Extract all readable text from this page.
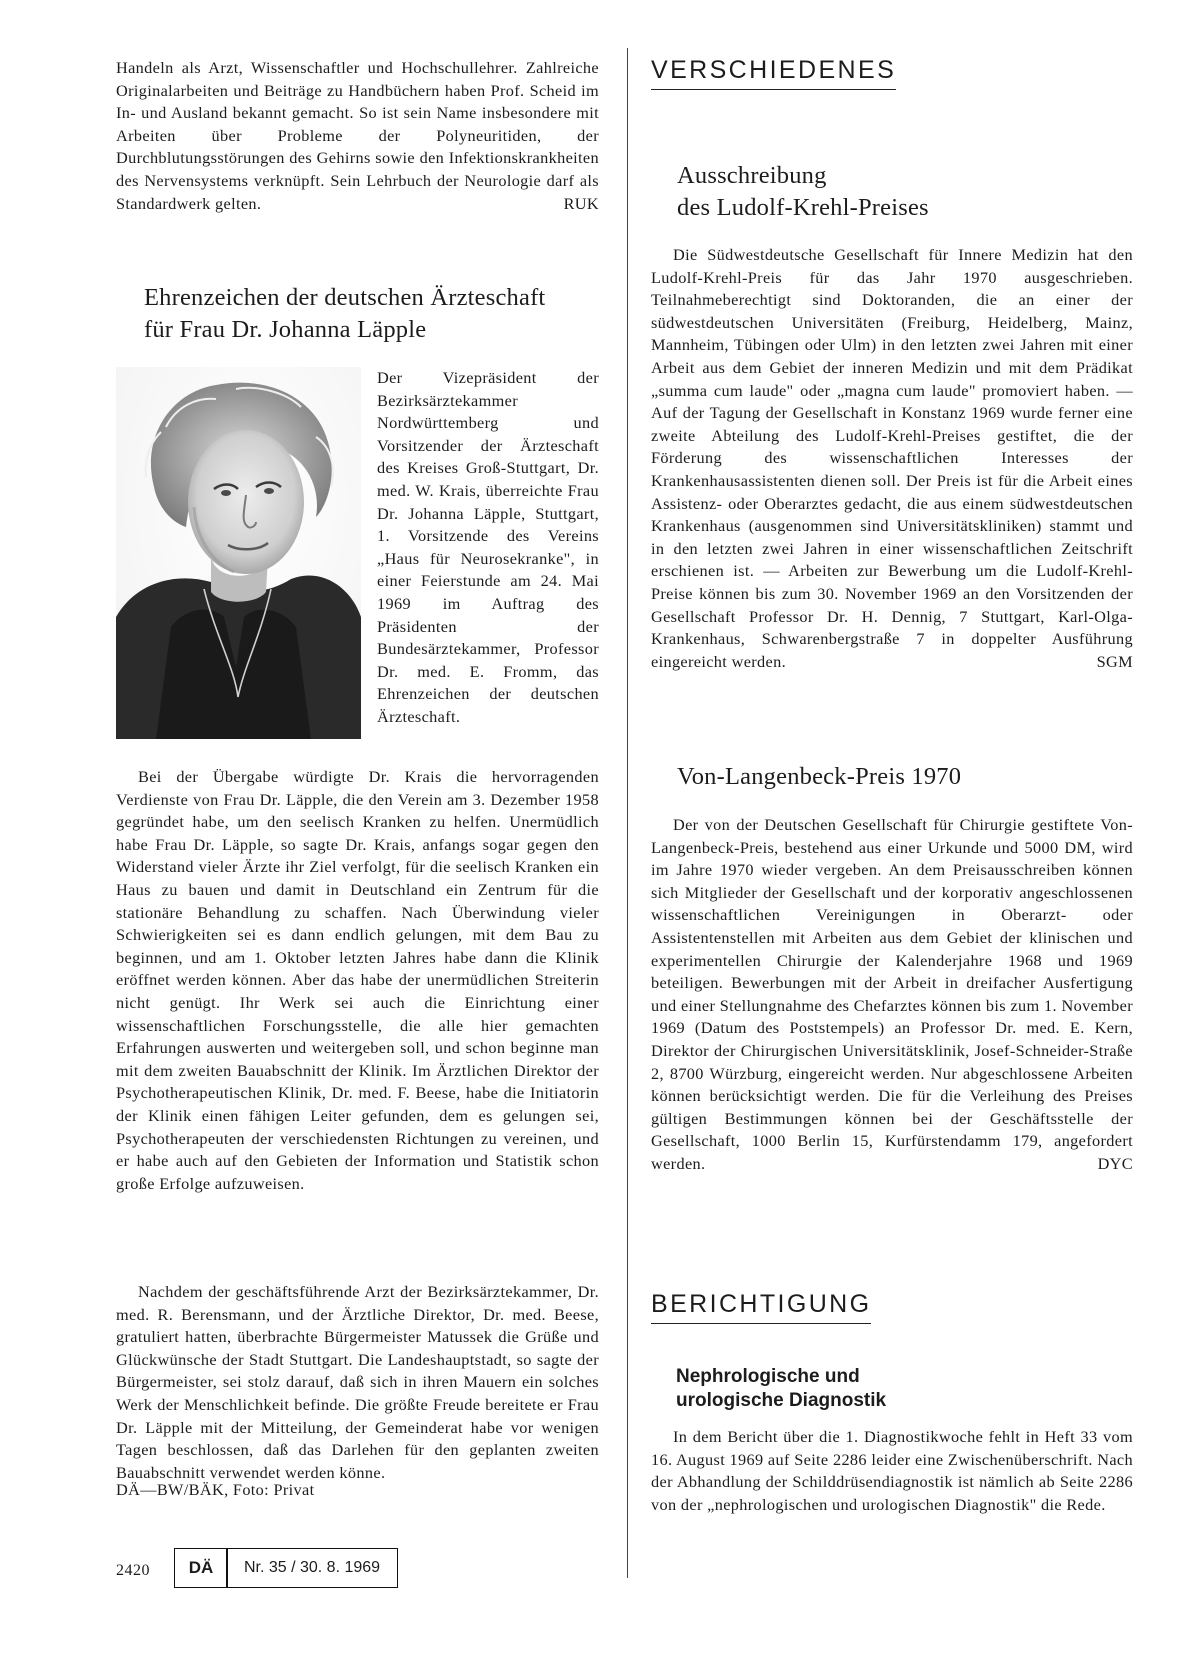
Handeln als Arzt, Wissenschaftler und Hochschullehrer. Zahlreiche Originalarbeiten und Beiträge zu Handbüchern haben Prof. Scheid im In- und Ausland bekannt gemacht. So ist sein Name insbesondere mit Arbeiten über Probleme der Polyneuritiden, der Durchblutungsstörungen des Gehirns sowie den Infektionskrankheiten des Nervensystems verknüpft. Sein Lehrbuch der Neurologie darf als Standardwerk gelten.	RUK

Ehrenzeichen der deutschen Ärzteschaft
für Frau Dr. Johanna Läpple

Der Vizepräsident der Bezirksärztekammer Nordwürttemberg und Vorsitzender der Ärzteschaft des Kreises Groß-Stuttgart, Dr. med. W. Krais, überreichte Frau Dr. Johanna Läpple, Stuttgart, 1. Vorsitzende des Vereins „Haus für Neurosekranke", in einer Feierstunde am 24. Mai 1969 im Auftrag des Präsidenten der Bundesärztekammer, Professor Dr. med. E. Fromm, das Ehrenzeichen der deutschen Ärzteschaft.

Bei der Übergabe würdigte Dr. Krais die hervorragenden Verdienste von Frau Dr. Läpple, die den Verein am 3. Dezember 1958 gegründet habe, um den seelisch Kranken zu helfen. Unermüdlich habe Frau Dr. Läpple, so sagte Dr. Krais, anfangs sogar gegen den Widerstand vieler Ärzte ihr Ziel verfolgt, für die seelisch Kranken ein Haus zu bauen und damit in Deutschland ein Zentrum für die stationäre Behandlung zu schaffen. Nach Überwindung vieler Schwierigkeiten sei es dann endlich gelungen, mit dem Bau zu beginnen, und am 1. Oktober letzten Jahres habe dann die Klinik eröffnet werden können. Aber das habe der unermüdlichen Streiterin nicht genügt. Ihr Werk sei auch die Einrichtung einer wissenschaftlichen Forschungsstelle, die alle hier gemachten Erfahrungen auswerten und weitergeben soll, und schon beginne man mit dem zweiten Bauabschnitt der Klinik. Im Ärztlichen Direktor der Psychotherapeutischen Klinik, Dr. med. F. Beese, habe die Initiatorin der Klinik einen fähigen Leiter gefunden, dem es gelungen sei, Psychotherapeuten der verschiedensten Richtungen zu vereinen, und er habe auch auf den Gebieten der Information und Statistik schon große Erfolge aufzuweisen.

Nachdem der geschäftsführende Arzt der Bezirksärztekammer, Dr. med. R. Berensmann, und der Ärztliche Direktor, Dr. med. Beese, gratuliert hatten, überbrachte Bürgermeister Matussek die Grüße und Glückwünsche der Stadt Stuttgart. Die Landeshauptstadt, so sagte der Bürgermeister, sei stolz darauf, daß sich in ihren Mauern ein solches Werk der Menschlichkeit befinde. Die größte Freude bereitete er Frau Dr. Läpple mit der Mitteilung, der Gemeinderat habe vor wenigen Tagen beschlossen, daß das Darlehen für den geplanten zweiten Bauabschnitt verwendet werden könne.

DÄ—BW/BÄK, Foto: Privat

VERSCHIEDENES
Ausschreibung
des Ludolf-Krehl-Preises

Die Südwestdeutsche Gesellschaft für Innere Medizin hat den Ludolf-Krehl-Preis für das Jahr 1970 ausgeschrieben. Teilnahmeberechtigt sind Doktoranden, die an einer der südwestdeutschen Universitäten (Freiburg, Heidelberg, Mainz, Mannheim, Tübingen oder Ulm) in den letzten zwei Jahren mit einer Arbeit aus dem Gebiet der inneren Medizin und mit dem Prädikat „summa cum laude" oder „magna cum laude" promoviert haben. — Auf der Tagung der Gesellschaft in Konstanz 1969 wurde ferner eine zweite Abteilung des Ludolf-Krehl-Preises gestiftet, die der Förderung des wissenschaftlichen Interesses der Krankenhausassistenten dienen soll. Der Preis ist für die Arbeit eines Assistenz- oder Oberarztes gedacht, die aus einem südwestdeutschen Krankenhaus (ausgenommen sind Universitätskliniken) stammt und in den letzten zwei Jahren in einer wissenschaftlichen Zeitschrift erschienen ist. — Arbeiten zur Bewerbung um die Ludolf-Krehl-Preise können bis zum 30. November 1969 an den Vorsitzenden der Gesellschaft Professor Dr. H. Dennig, 7 Stuttgart, Karl-Olga-Krankenhaus, Schwarenbergstraße 7 in doppelter Ausführung eingereicht werden.	SGM

Von-Langenbeck-Preis 1970

Der von der Deutschen Gesellschaft für Chirurgie gestiftete Von-Langenbeck-Preis, bestehend aus einer Urkunde und 5000 DM, wird im Jahre 1970 wieder vergeben. An dem Preisausschreiben können sich Mitglieder der Gesellschaft und der korporativ angeschlossenen wissenschaftlichen Vereinigungen in Oberarzt- oder Assistentenstellen mit Arbeiten aus dem Gebiet der klinischen und experimentellen Chirurgie der Kalenderjahre 1968 und 1969 beteiligen. Bewerbungen mit der Arbeit in dreifacher Ausfertigung und einer Stellungnahme des Chefarztes können bis zum 1. November 1969 (Datum des Poststempels) an Professor Dr. med. E. Kern, Direktor der Chirurgischen Universitätsklinik, Josef-Schneider-Straße 2, 8700 Würzburg, eingereicht werden. Nur abgeschlossene Arbeiten können berücksichtigt werden. Die für die Verleihung des Preises gültigen Bestimmungen können bei der Geschäftsstelle der Gesellschaft, 1000 Berlin 15, Kurfürstendamm 179, angefordert werden.	DYC

BERICHTIGUNG
Nephrologische und
urologische Diagnostik

In dem Bericht über die 1. Diagnostikwoche fehlt in Heft 33 vom 16. August 1969 auf Seite 2286 leider eine Zwischenüberschrift. Nach der Abhandlung der Schilddrüsendiagnostik ist nämlich ab Seite 2286 von der „nephrologischen und urologischen Diagnostik" die Rede.

2420	DÄ	Nr. 35 / 30. 8. 1969
